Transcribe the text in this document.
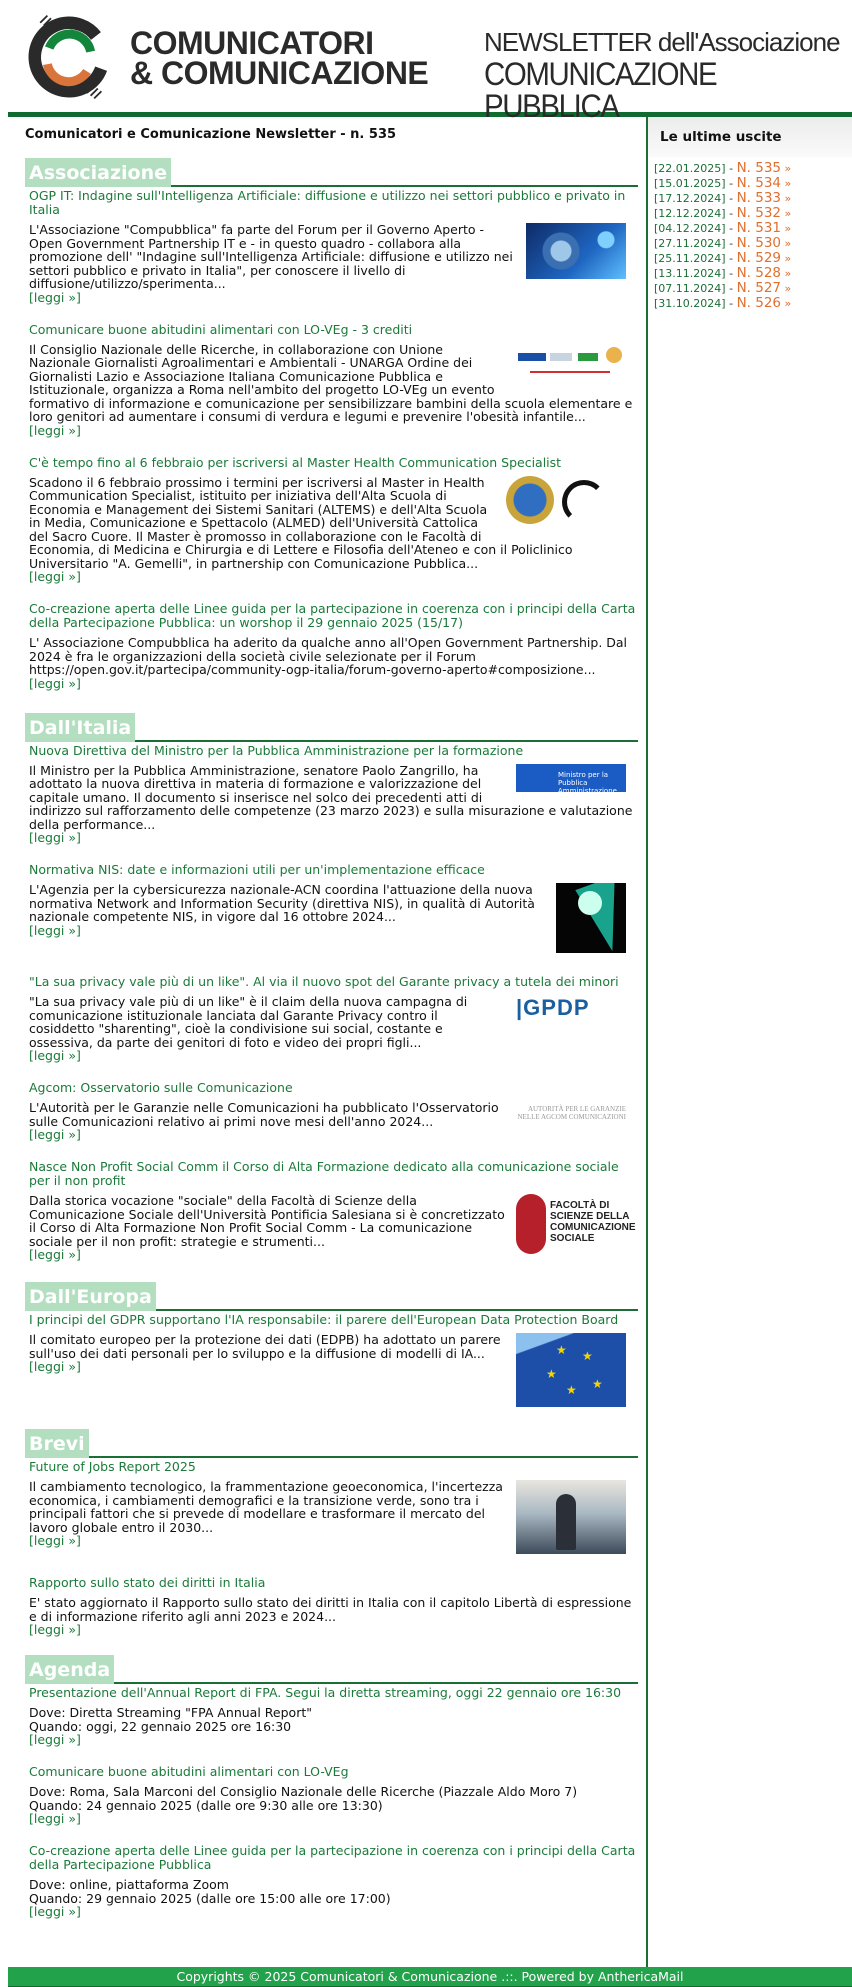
COMUNICATORI
& COMUNICAZIONE
NEWSLETTER dell'Associazione
COMUNICAZIONE PUBBLICA
Comunicatori e Comunicazione Newsletter - n. 535
Associazione
OGP IT: Indagine sull'Intelligenza Artificiale: diffusione e utilizzo nei settori pubblico e privato in Italia
L'Associazione "Compubblica" fa parte del Forum per il Governo Aperto - Open Government Partnership IT e - in questo quadro - collabora alla promozione dell' "Indagine sull'Intelligenza Artificiale: diffusione e utilizzo nei settori pubblico e privato in Italia", per conoscere il livello di diffusione/utilizzo/sperimenta...
[leggi »]
Comunicare buone abitudini alimentari con LO-VEg - 3 crediti
Il Consiglio Nazionale delle Ricerche, in collaborazione con Unione Nazionale Giornalisti Agroalimentari e Ambientali - UNARGA Ordine dei Giornalisti Lazio e Associazione Italiana Comunicazione Pubblica e Istituzionale, organizza a Roma nell'ambito del progetto LO-VEg un evento formativo di informazione e comunicazione per sensibilizzare bambini della scuola elementare e loro genitori ad aumentare i consumi di verdura e legumi e prevenire l'obesità infantile...
[leggi »]
C'è tempo fino al 6 febbraio per iscriversi al Master Health Communication Specialist
Scadono il 6 febbraio prossimo i termini per iscriversi al Master in Health Communication Specialist, istituito per iniziativa dell'Alta Scuola di Economia e Management dei Sistemi Sanitari (ALTEMS) e dell'Alta Scuola in Media, Comunicazione e Spettacolo (ALMED) dell'Università Cattolica del Sacro Cuore. Il Master è promosso in collaborazione con le Facoltà di Economia, di Medicina e Chirurgia e di Lettere e Filosofia dell'Ateneo e con il Policlinico Universitario "A. Gemelli", in partnership con Comunicazione Pubblica...
[leggi »]
Co-creazione aperta delle Linee guida per la partecipazione in coerenza con i principi della Carta della Partecipazione Pubblica: un worshop il 29 gennaio 2025 (15/17)
L' Associazione Compubblica ha aderito da qualche anno all'Open Government Partnership. Dal 2024 è fra le organizzazioni della società civile selezionate per il Forum https://open.gov.it/partecipa/community-ogp-italia/forum-governo-aperto#composizione...
[leggi »]
Dall'Italia
Nuova Direttiva del Ministro per la Pubblica Amministrazione per la formazione
Ministro per la Pubblica Amministrazione
Il Ministro per la Pubblica Amministrazione, senatore Paolo Zangrillo, ha adottato la nuova direttiva in materia di formazione e valorizzazione del capitale umano. Il documento si inserisce nel solco dei precedenti atti di indirizzo sul rafforzamento delle competenze (23 marzo 2023) e sulla misurazione e valutazione della performance...
[leggi »]
Normativa NIS: date e informazioni utili per un'implementazione efficace
L'Agenzia per la cybersicurezza nazionale-ACN coordina l'attuazione della nuova normativa Network and Information Security (direttiva NIS), in qualità di Autorità nazionale competente NIS, in vigore dal 16 ottobre 2024...
[leggi »]
"La sua privacy vale più di un like". Al via il nuovo spot del Garante privacy a tutela dei minori
|GPDP
"La sua privacy vale più di un like" è il claim della nuova campagna di comunicazione istituzionale lanciata dal Garante Privacy contro il cosiddetto "sharenting", cioè la condivisione sui social, costante e ossessiva, da parte dei genitori di foto e video dei propri figli...
[leggi »]
Agcom: Osservatorio sulle Comunicazione
AUTORITÀ PER LE GARANZIE NELLE AGCOM COMUNICAZIONI
L'Autorità per le Garanzie nelle Comunicazioni ha pubblicato l'Osservatorio sulle Comunicazioni relativo ai primi nove mesi dell'anno 2024...
[leggi »]
Nasce Non Profit Social Comm il Corso di Alta Formazione dedicato alla comunicazione sociale per il non profit
FACOLTÀ DI SCIENZE DELLA COMUNICAZIONE SOCIALE
Dalla storica vocazione "sociale" della Facoltà di Scienze della Comunicazione Sociale dell'Università Pontificia Salesiana si è concretizzato il Corso di Alta Formazione Non Profit Social Comm - La comunicazione sociale per il non profit: strategie e strumenti...
[leggi »]
Dall'Europa
I principi del GDPR supportano l'IA responsabile: il parere dell'European Data Protection Board
★ ★
★
★ ★
Il comitato europeo per la protezione dei dati (EDPB) ha adottato un parere sull'uso dei dati personali per lo sviluppo e la diffusione di modelli di IA...
[leggi »]
Brevi
Future of Jobs Report 2025
Il cambiamento tecnologico, la frammentazione geoeconomica, l'incertezza economica, i cambiamenti demografici e la transizione verde, sono tra i principali fattori che si prevede di modellare e trasformare il mercato del lavoro globale entro il 2030...
[leggi »]
Rapporto sullo stato dei diritti in Italia
E' stato aggiornato il Rapporto sullo stato dei diritti in Italia con il capitolo Libertà di espressione e di informazione riferito agli anni 2023 e 2024...
[leggi »]
Agenda
Presentazione dell'Annual Report di FPA. Segui la diretta streaming, oggi 22 gennaio ore 16:30
Dove: Diretta Streaming "FPA Annual Report"
Quando: oggi, 22 gennaio 2025 ore 16:30
[leggi »]
Comunicare buone abitudini alimentari con LO-VEg
Dove: Roma, Sala Marconi del Consiglio Nazionale delle Ricerche (Piazzale Aldo Moro 7)
Quando: 24 gennaio 2025 (dalle ore 9:30 alle ore 13:30)
[leggi »]
Co-creazione aperta delle Linee guida per la partecipazione in coerenza con i principi della Carta della Partecipazione Pubblica
Dove: online, piattaforma Zoom
Quando: 29 gennaio 2025 (dalle ore 15:00 alle ore 17:00)
[leggi »]
Le ultime uscite
[22.01.2025] - N. 535 »
[15.01.2025] - N. 534 »
[17.12.2024] - N. 533 »
[12.12.2024] - N. 532 »
[04.12.2024] - N. 531 »
[27.11.2024] - N. 530 »
[25.11.2024] - N. 529 »
[13.11.2024] - N. 528 »
[07.11.2024] - N. 527 »
[31.10.2024] - N. 526 »
Copyrights © 2025 Comunicatori & Comunicazione .::. Powered by AnthericaMail
